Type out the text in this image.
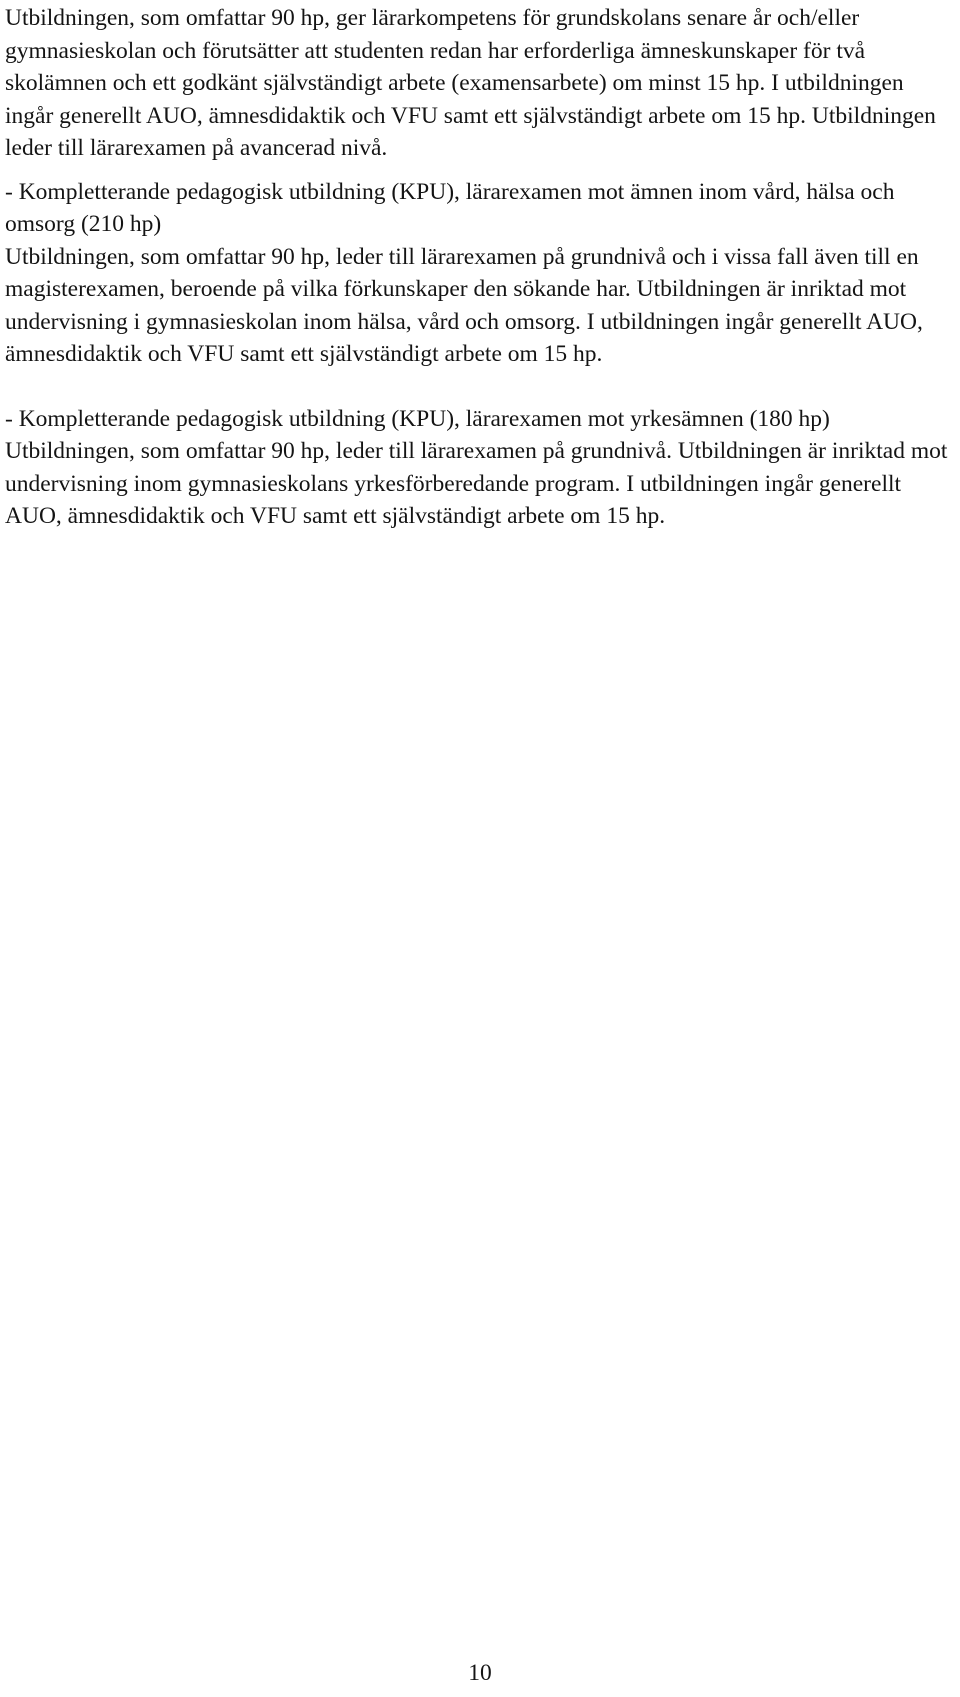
Utbildningen, som omfattar 90 hp, ger lärarkompetens för grundskolans senare år och/eller gymnasieskolan och förutsätter att studenten redan har erforderliga ämneskunskaper för två skolämnen och ett godkänt självständigt arbete (examensarbete) om minst 15 hp. I utbildningen ingår generellt AUO, ämnesdidaktik och VFU samt ett självständigt arbete om 15 hp. Utbildningen leder till lärarexamen på avancerad nivå.

- Kompletterande pedagogisk utbildning (KPU), lärarexamen mot ämnen inom vård, hälsa och omsorg (210 hp)

Utbildningen, som omfattar 90 hp, leder till lärarexamen på grundnivå och i vissa fall även till en magisterexamen, beroende på vilka förkunskaper den sökande har. Utbildningen är inriktad mot undervisning i gymnasieskolan inom hälsa, vård och omsorg. I utbildningen ingår generellt AUO, ämnesdidaktik och VFU samt ett självständigt arbete om 15 hp.

- Kompletterande pedagogisk utbildning (KPU), lärarexamen mot yrkesämnen (180 hp)

Utbildningen, som omfattar 90 hp, leder till lärarexamen på grundnivå. Utbildningen är inriktad mot undervisning inom gymnasieskolans yrkesförberedande program. I utbildningen ingår generellt AUO, ämnesdidaktik och VFU samt ett självständigt arbete om 15 hp.

10
